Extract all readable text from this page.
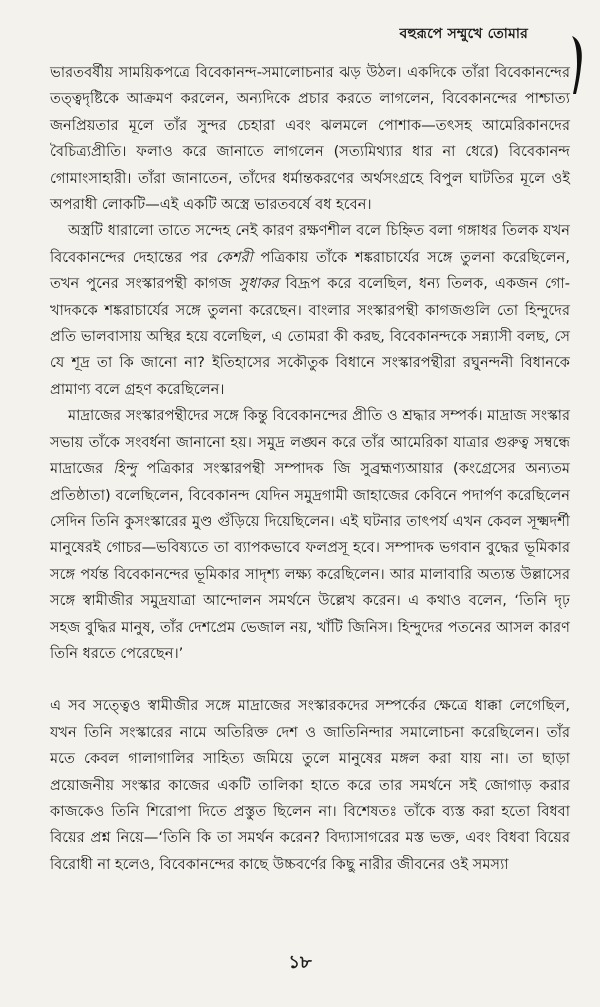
বহুরূপে সম্মুখে তোমার

ভারতবর্ষীয় সাময়িকপত্রে বিবেকানন্দ-সমালোচনার ঝড় উঠল। একদিকে তাঁরা বিবেকানন্দের তত্ত্বদৃষ্টিকে আক্রমণ করলেন, অন্যদিকে প্রচার করতে লাগলেন, বিবেকানন্দের পাশ্চাত্য জনপ্রিয়তার মূলে তাঁর সুন্দর চেহারা এবং ঝলমলে পোশাক—তৎসহ আমেরিকানদের বৈচিত্র্যপ্রীতি। ফলাও করে জানাতে লাগলেন (সত্যমিথ্যার ধার না ধেরে) বিবেকানন্দ গোমাংসাহারী। তাঁরা জানাতেন, তাঁদের ধর্মান্তকরণের অর্থসংগ্রহে বিপুল ঘাটতির মূলে ওই অপরাধী লোকটি—এই একটি অস্ত্রে ভারতবর্ষে বধ হবেন।

অস্ত্রটি ধারালো তাতে সন্দেহ নেই কারণ রক্ষণশীল বলে চিহ্নিত বলা গঙ্গাধর তিলক যখন বিবেকানন্দের দেহান্তের পর কেশরী পত্রিকায় তাঁকে শঙ্করাচার্যের সঙ্গে তুলনা করেছিলেন, তখন পুনের সংস্কারপন্থী কাগজ সুধাকর বিদ্রূপ করে বলেছিল, ধন্য তিলক, একজন গো-খাদককে শঙ্করাচার্যের সঙ্গে তুলনা করেছেন। বাংলার সংস্কারপন্থী কাগজগুলি তো হিন্দুদের প্রতি ভালবাসায় অস্থির হয়ে বলেছিল, এ তোমরা কী করছ, বিবেকানন্দকে সন্ন্যাসী বলছ, সে যে শূদ্র তা কি জানো না? ইতিহাসের সকৌতুক বিধানে সংস্কারপন্থীরা রঘুনন্দনী বিধানকে প্রামাণ্য বলে গ্রহণ করেছিলেন।

মাদ্রাজের সংস্কারপন্থীদের সঙ্গে কিন্তু বিবেকানন্দের প্রীতি ও শ্রদ্ধার সম্পর্ক। মাদ্রাজ সংস্কার সভায় তাঁকে সংবর্ধনা জানানো হয়। সমুদ্র লঙ্ঘন করে তাঁর আমেরিকা যাত্রার গুরুত্ব সম্বন্ধে মাদ্রাজের হিন্দু পত্রিকার সংস্কারপন্থী সম্পাদক জি সুব্রহ্মণ্যআয়ার (কংগ্রেসের অন্যতম প্রতিষ্ঠাতা) বলেছিলেন, বিবেকানন্দ যেদিন সমুদ্রগামী জাহাজের কেবিনে পদার্পণ করেছিলেন সেদিন তিনি কুসংস্কারের মুণ্ড গুঁড়িয়ে দিয়েছিলেন। এই ঘটনার তাৎপর্য এখন কেবল সূক্ষ্মদর্শী মানুষেরই গোচর—ভবিষ্যতে তা ব্যাপকভাবে ফলপ্রসূ হবে। সম্পাদক ভগবান বুদ্ধের ভূমিকার সঙ্গে পর্যন্ত বিবেকানন্দের ভূমিকার সাদৃশ্য লক্ষ্য করেছিলেন। আর মালাবারি অত্যন্ত উল্লাসের সঙ্গে স্বামীজীর সমুদ্রযাত্রা আন্দোলন সমর্থনে উল্লেখ করেন। এ কথাও বলেন, ‘তিনি দৃঢ় সহজ বুদ্ধির মানুষ, তাঁর দেশপ্রেম ভেজাল নয়, খাঁটি জিনিস। হিন্দুদের পতনের আসল কারণ তিনি ধরতে পেরেছেন।’

এ সব সত্ত্বেও স্বামীজীর সঙ্গে মাদ্রাজের সংস্কারকদের সম্পর্কের ক্ষেত্রে ধাক্কা লেগেছিল, যখন তিনি সংস্কারের নামে অতিরিক্ত দেশ ও জাতিনিন্দার সমালোচনা করেছিলেন। তাঁর মতে কেবল গালাগালির সাহিত্য জমিয়ে তুলে মানুষের মঙ্গল করা যায় না। তা ছাড়া প্রয়োজনীয় সংস্কার কাজের একটি তালিকা হাতে করে তার সমর্থনে সই জোগাড় করার কাজকেও তিনি শিরোপা দিতে প্রস্তুত ছিলেন না। বিশেষতঃ তাঁকে ব্যস্ত করা হতো বিধবা বিয়ের প্রশ্ন নিয়ে—‘তিনি কি তা সমর্থন করেন? বিদ্যাসাগরের মস্ত ভক্ত, এবং বিধবা বিয়ের বিরোধী না হলেও, বিবেকানন্দের কাছে উচ্চবর্ণের কিছু নারীর জীবনের ওই সমস্যা

১৮
